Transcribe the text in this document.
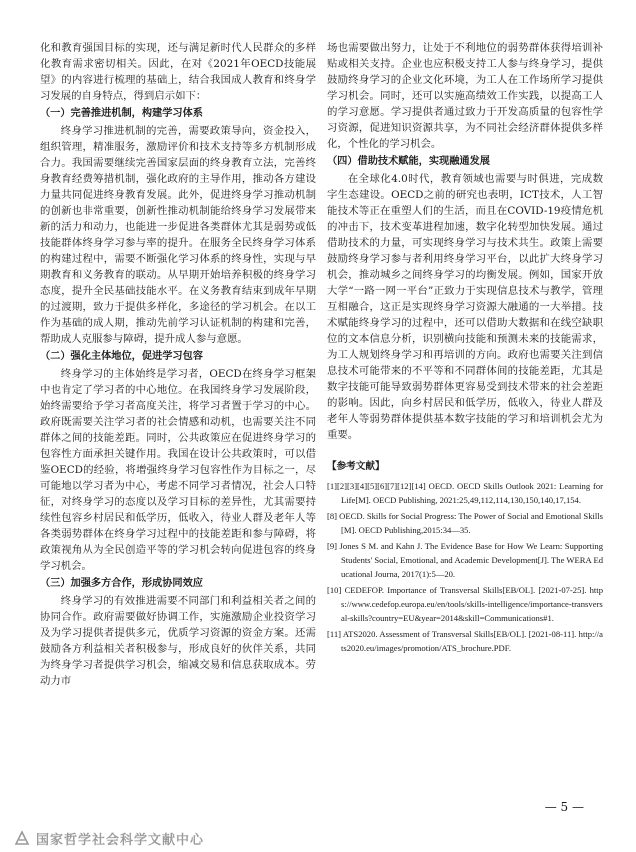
化和教育强国目标的实现，还与满足新时代人民群众的多样化教育需求密切相关。因此，在对《2021年OECD技能展望》的内容进行梳理的基础上，结合我国成人教育和终身学习发展的自身特点，得到启示如下：

（一）完善推进机制，构建学习体系

终身学习推进机制的完善，需要政策导向，资金投入，组织管理，精准服务，激励评价和技术支持等多方机制形成合力。我国需要继续完善国家层面的终身教育立法，完善终身教育经费筹措机制，强化政府的主导作用，推动各方建设力量共同促进终身教育发展。此外，促进终身学习推动机制的创新也非常重要，创新性推动机制能给终身学习发展带来新的活力和动力，也能进一步促进各类群体尤其是弱势或低技能群体终身学习参与率的提升。在服务全民终身学习体系的构建过程中，需要不断强化学习体系的终身性，实现与早期教育和义务教育的联动。从早期开始培养积极的终身学习态度，提升全民基础技能水平。在义务教育结束到成年早期的过渡期，致力于提供多样化，多途径的学习机会。在以工作为基础的成人期，推动先前学习认证机制的构建和完善，帮助成人克服参与障碍，提升成人参与意愿。

（二）强化主体地位，促进学习包容

终身学习的主体始终是学习者，OECD在终身学习框架中也肯定了学习者的中心地位。在我国终身学习发展阶段，始终需要给予学习者高度关注，将学习者置于学习的中心。政府既需要关注学习者的社会情感和动机，也需要关注不同群体之间的技能差距。同时，公共政策应在促进终身学习的包容性方面承担关键作用。我国在设计公共政策时，可以借鉴OECD的经验，将增强终身学习包容性作为目标之一，尽可能地以学习者为中心，考虑不同学习者情况，社会人口特征，对终身学习的态度以及学习目标的差异性，尤其需要持续性包容乡村居民和低学历，低收入，待业人群及老年人等各类弱势群体在终身学习过程中的技能差距和参与障碍，将政策视角从为全民创造平等的学习机会转向促进包容的终身学习机会。

（三）加强多方合作，形成协同效应

终身学习的有效推进需要不同部门和利益相关者之间的协同合作。政府需要做好协调工作，实施激励企业投资学习及为学习提供者提供多元，优质学习资源的资金方案。还需鼓励各方利益相关者积极参与，形成良好的伙伴关系，共同为终身学习者提供学习机会，缩减交易和信息获取成本。劳动力市

场也需要做出努力，让处于不利地位的弱势群体获得培训补贴或相关支持。企业也应积极支持工人参与终身学习，提供鼓励终身学习的企业文化环境，为工人在工作场所学习提供学习机会。同时，还可以实施高绩效工作实践，以提高工人的学习意愿。学习提供者通过致力于开发高质量的包容性学习资源，促进知识资源共享，为不同社会经济群体提供多样化，个性化的学习机会。

（四）借助技术赋能，实现融通发展

在全球化4.0时代，教育领域也需要与时俱进，完成数字生态建设。OECD之前的研究也表明，ICT技术，人工智能技术等正在重塑人们的生活，而且在COVID-19疫情危机的冲击下，技术变革进程加速，数字化转型加快发展。通过借助技术的力量，可实现终身学习与技术共生。政策上需要鼓励终身学习参与者利用终身学习平台，以此扩大终身学习机会，推动城乡之间终身学习的均衡发展。例如，国家开放大学“一路一网一平台”正致力于实现信息技术与教学，管理互相融合，这正是实现终身学习资源大融通的一大举措。技术赋能终身学习的过程中，还可以借助大数据和在线空缺职位的文本信息分析，识别横向技能和预测未来的技能需求，为工人规划终身学习和再培训的方向。政府也需要关注到信息技术可能带来的不平等和不同群体间的技能差距，尤其是数字技能可能导致弱势群体更容易受到技术带来的社会差距的影响。因此，向乡村居民和低学历，低收入，待业人群及老年人等弱势群体提供基本数字技能的学习和培训机会尤为重要。

【参考文献】
[1][2][3][4][5][6][7][12][14] OECD. OECD Skills Outlook 2021: Learning for Life[M]. OECD Publishing, 2021:25,49,112,114,130,150,140,17,154.
[8] OECD. Skills for Social Progress: The Power of Social and Emotional Skills[M]. OECD Publishing,2015:34—35.
[9] Jones S M. and Kahn J. The Evidence Base for How We Learn: Supporting Students' Social, Emotional, and Academic Development[J]. The WERA Educational Journa, 2017(1):5—20.
[10] CEDEFOP. Importance of Transversal Skills[EB/OL]. [2021-07-25]. https://www.cedefop.europa.eu/en/tools/skills-intelligence/importance-transversal-skills?country=EU&year=2014&skill=Communications#1.
[11] ATS2020. Assessment of Transversal Skills[EB/OL]. [2021-08-11]. http://ats2020.eu/images/promotion/ATS_brochure.PDF.
— 5 —
国家哲学社会科学文献中心
